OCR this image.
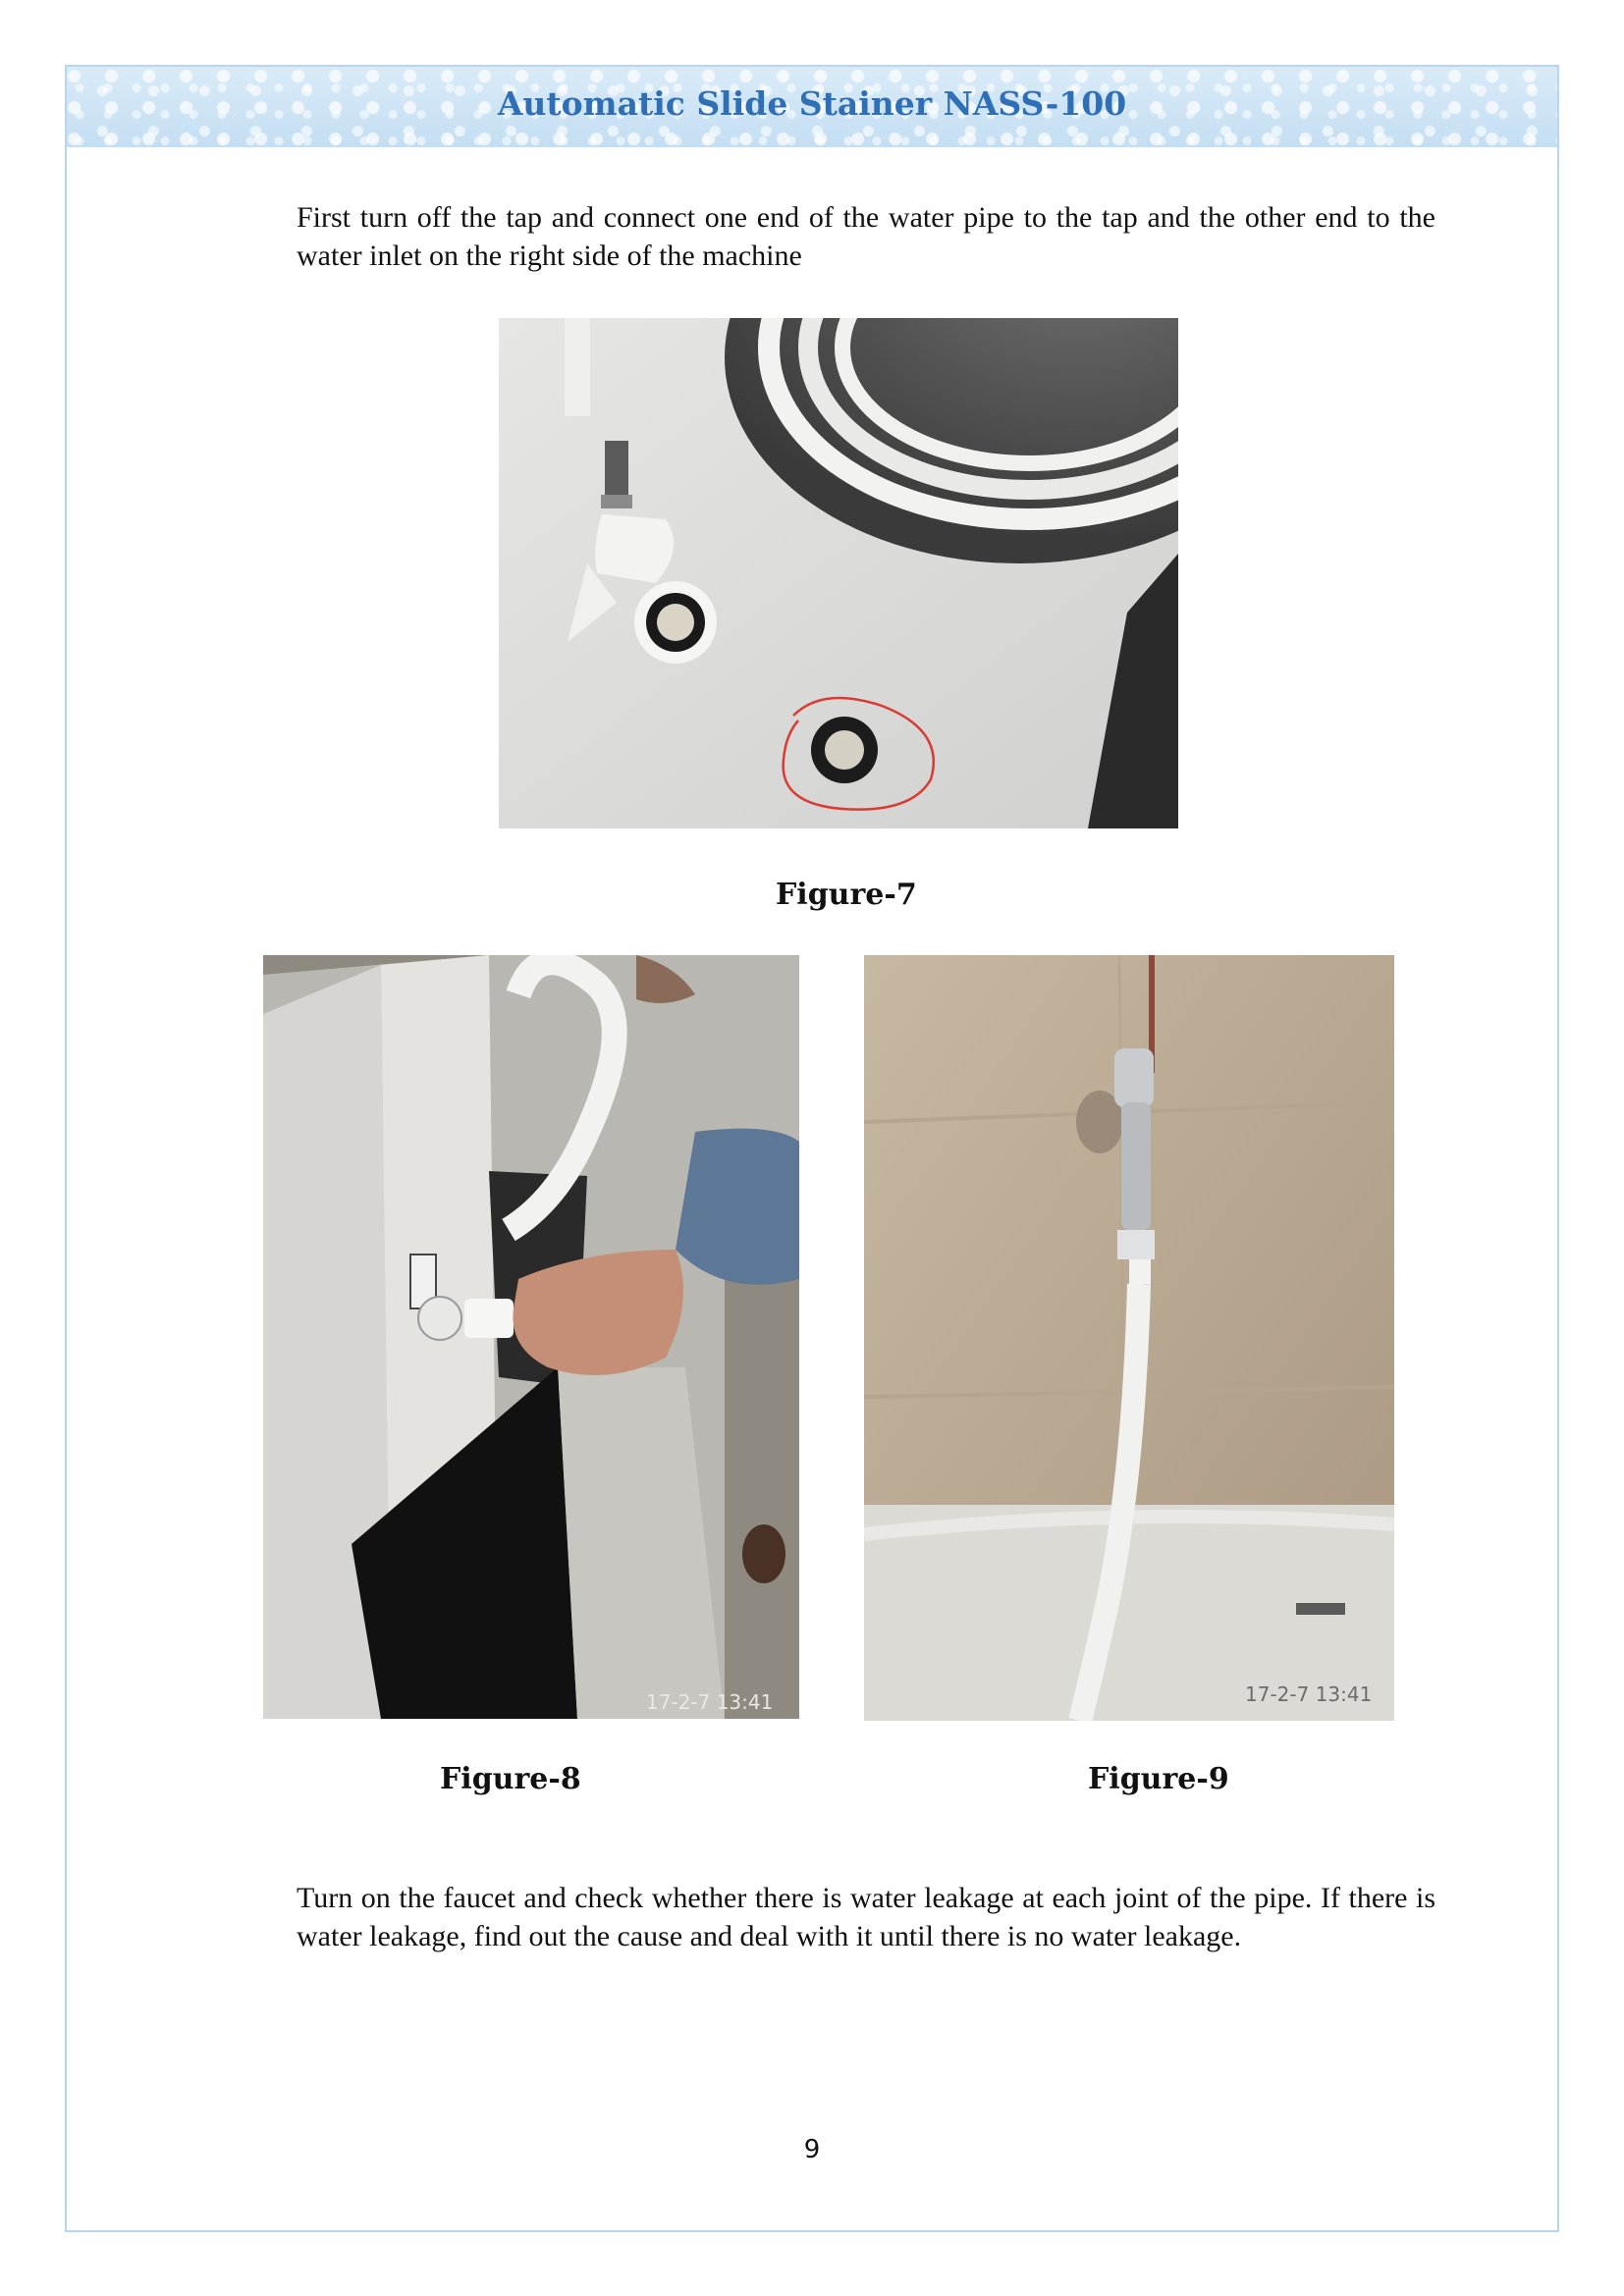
Automatic Slide Stainer NASS-100
First turn off the tap and connect one end of the water pipe to the tap and the other end to the water inlet on the right side of the machine
Figure-7
17-2-7 13:41
Figure-8
17-2-7 13:41
Figure-9
Turn on the faucet and check whether there is water leakage at each joint of the pipe. If there is water leakage, find out the cause and deal with it until there is no water leakage.
9
